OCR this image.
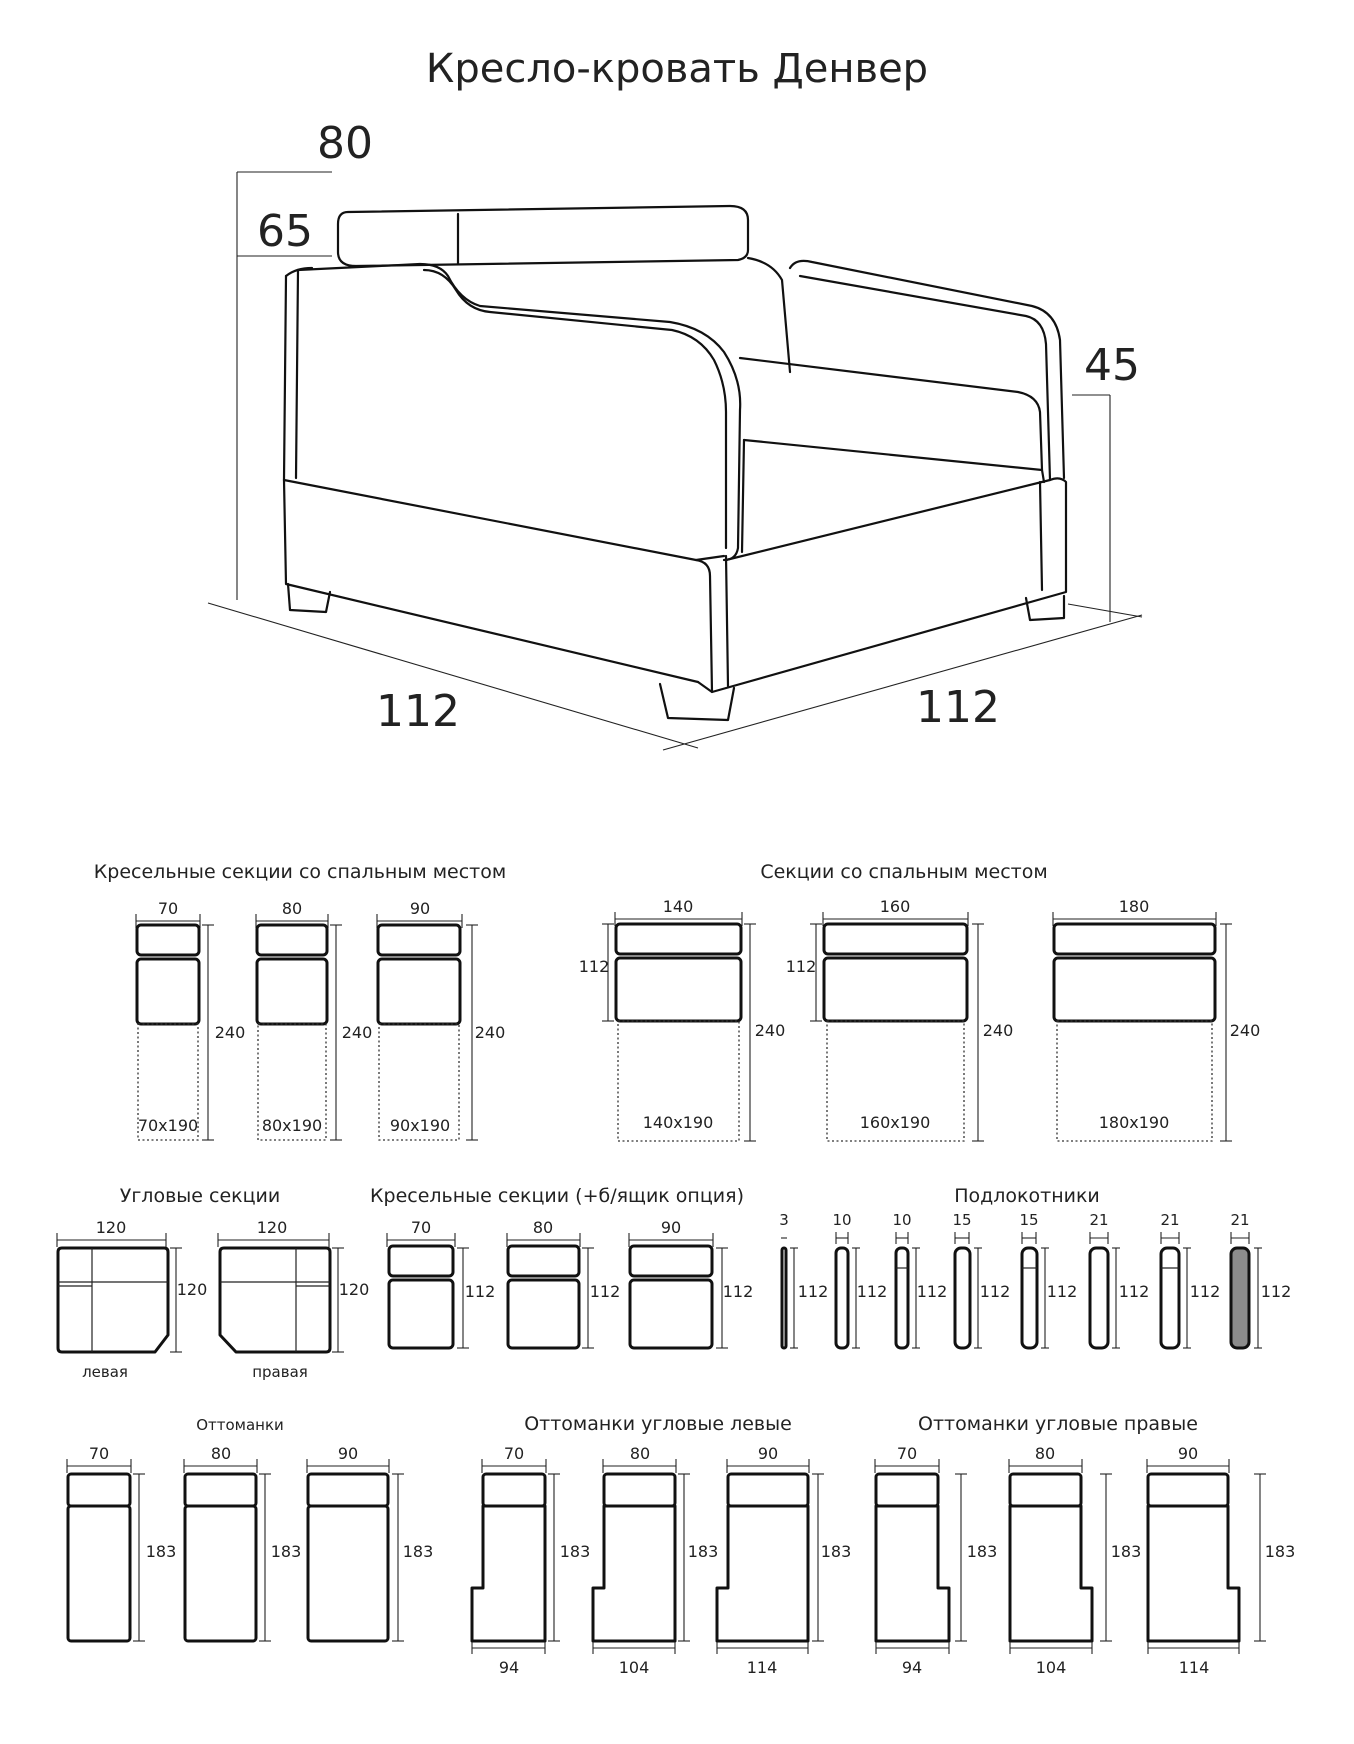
Кресло-кровать Денвер
80
65
45
112	112
Кресельные секции со спальным местом	Секции со спальным местом
Угловые секции	Кресельные секции (+б/ящик опция)	Подлокотники
Оттоманки	Оттоманки угловые левые	Оттоманки угловые правые
70
240
70x190
80
240
80x190
90
240
90x190
140
112
240
140x190
160
112
240
160x190
180
240
180x190
120
120
левая
120
120
правая
70
112
80
112
90
112
3
112
10
112
10
112
15
112
15
112
21
112
21
112
21
112
70
183
80
183
90
183
70
183
94
80
183
104
90
183
114
70
183
94
80
183
104
90
183
114
